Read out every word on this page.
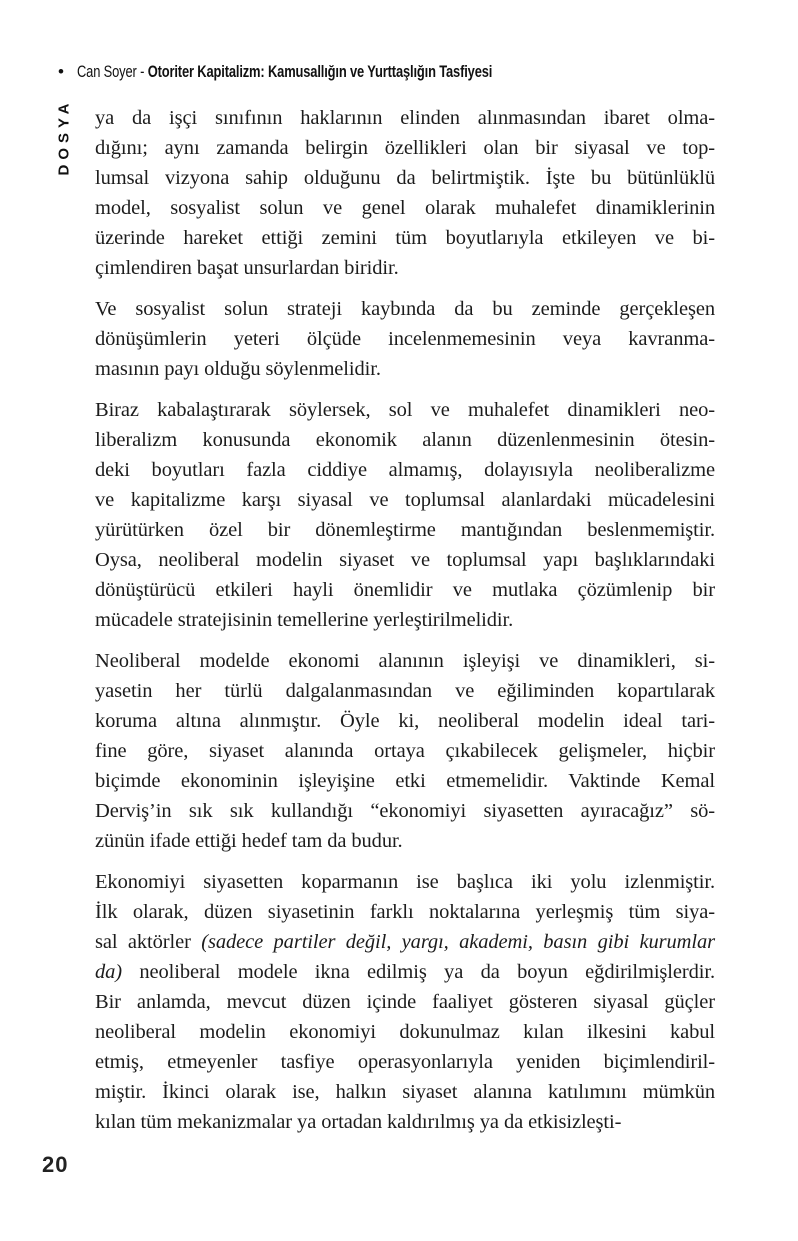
• Can Soyer - Otoriter Kapitalizm: Kamusallığın ve Yurttaşlığın Tasfiyesi
DOSYA ya da işçi sınıfının haklarının elinden alınmasından ibaret olma-
dığını; aynı zamanda belirgin özellikleri olan bir siyasal ve top-
lumsal vizyona sahip olduğunu da belirtmiştik. İşte bu bütünlüklü
model, sosyalist solun ve genel olarak muhalefet dinamiklerinin
üzerinde hareket ettiği zemini tüm boyutlarıyla etkileyen ve bi-
çimlendiren başat unsurlardan biridir.
Ve sosyalist solun strateji kaybında da bu zeminde gerçekleşen
dönüşümlerin yeteri ölçüde incelenmemesinin veya kavranma-
masının payı olduğu söylenmelidir.
Biraz kabalaştırarak söylersek, sol ve muhalefet dinamikleri neo-
liberalizm konusunda ekonomik alanın düzenlenmesinin ötesin-
deki boyutları fazla ciddiye almamış, dolayısıyla neoliberalizme
ve kapitalizme karşı siyasal ve toplumsal alanlardaki mücadelesini
yürütürken özel bir dönemleştirme mantığından beslenmemiştir.
Oysa, neoliberal modelin siyaset ve toplumsal yapı başlıklarındaki
dönüştürücü etkileri hayli önemlidir ve mutlaka çözümlenip bir
mücadele stratejisinin temellerine yerleştirilmelidir.
Neoliberal modelde ekonomi alanının işleyişi ve dinamikleri, si-
yasetin her türlü dalgalanmasından ve eğiliminden kopartılarak
koruma altına alınmıştır. Öyle ki, neoliberal modelin ideal tari-
fine göre, siyaset alanında ortaya çıkabilecek gelişmeler, hiçbir
biçimde ekonominin işleyişine etki etmemelidir. Vaktinde Kemal
Derviş’in sık sık kullandığı “ekonomiyi siyasetten ayıracağız” sö-
zünün ifade ettiği hedef tam da budur.
Ekonomiyi siyasetten koparmanın ise başlıca iki yolu izlenmiştir.
İlk olarak, düzen siyasetinin farklı noktalarına yerleşmiş tüm siya-
sal aktörler (sadece partiler değil, yargı, akademi, basın gibi kurumlar
da) neoliberal modele ikna edilmiş ya da boyun eğdirilmişlerdir.
Bir anlamda, mevcut düzen içinde faaliyet gösteren siyasal güçler
neoliberal modelin ekonomiyi dokunulmaz kılan ilkesini kabul
etmiş, etmeyenler tasfiye operasyonlarıyla yeniden biçimlendiril-
miştir. İkinci olarak ise, halkın siyaset alanına katılımını mümkün
kılan tüm mekanizmalar ya ortadan kaldırılmış ya da etkisizleşti-
20
